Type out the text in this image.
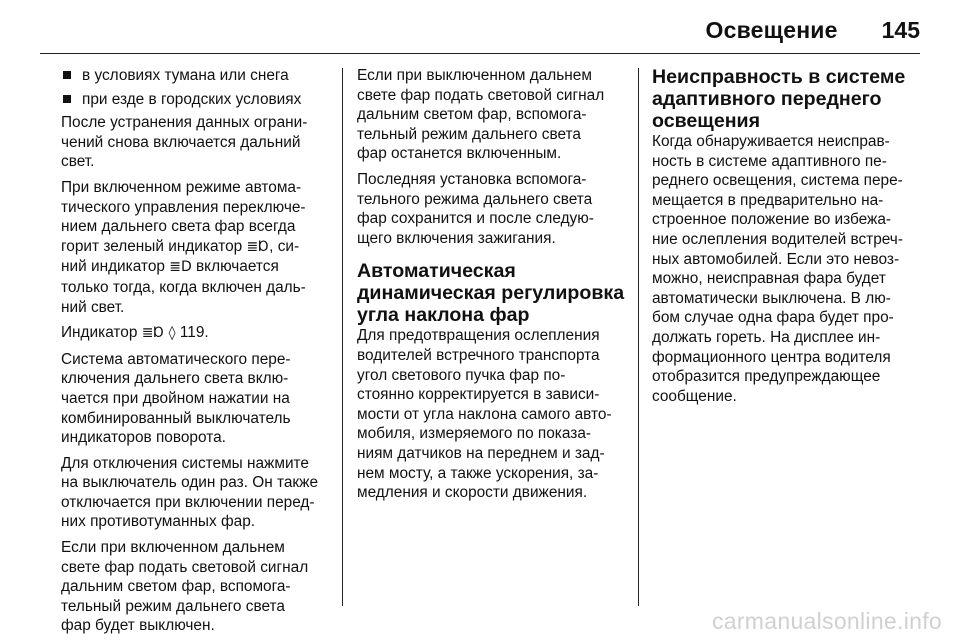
Освещение 145
в условиях тумана или снега
при езде в городских условиях

После устранения данных ограни-
чений снова включается дальний
свет.

При включенном режиме автома-
тического управления переключе-
нием дальнего света фар всегда
горит зеленый индикатор ≣Ɒ, си-
ний индикатор ≣D включается
только тогда, когда включен даль-
ний свет.

Индикатор ≣Ɒ ◊ 119.

Система автоматического пере-
ключения дальнего света вклю-
чается при двойном нажатии на
комбинированный выключатель
индикаторов поворота.

Для отключения системы нажмите
на выключатель один раз. Он также
отключается при включении перед-
них противотуманных фар.

Если при включенном дальнем
свете фар подать световой сигнал
дальним светом фар, вспомога-
тельный режим дальнего света
фар будет выключен.

Если при выключенном дальнем
свете фар подать световой сигнал
дальним светом фар, вспомога-
тельный режим дальнего света
фар останется включенным.

Последняя установка вспомога-
тельного режима дальнего света
фар сохранится и после следую-
щего включения зажигания.

Автоматическая
динамическая регулировка
угла наклона фар

Для предотвращения ослепления
водителей встречного транспорта
угол светового пучка фар по-
стоянно корректируется в зависи-
мости от угла наклона самого авто-
мобиля, измеряемого по показа-
ниям датчиков на переднем и зад-
нем мосту, а также ускорения, за-
медления и скорости движения.

Неисправность в системе
адаптивного переднего
освещения

Когда обнаруживается неисправ-
ность в системе адаптивного пе-
реднего освещения, система пере-
мещается в предварительно на-
строенное положение во избежа-
ние ослепления водителей встреч-
ных автомобилей. Если это невоз-
можно, неисправная фара будет
автоматически выключена. В лю-
бом случае одна фара будет про-
должать гореть. На дисплее ин-
формационного центра водителя
отобразится предупреждающее
сообщение.

carmanualsonline.info
